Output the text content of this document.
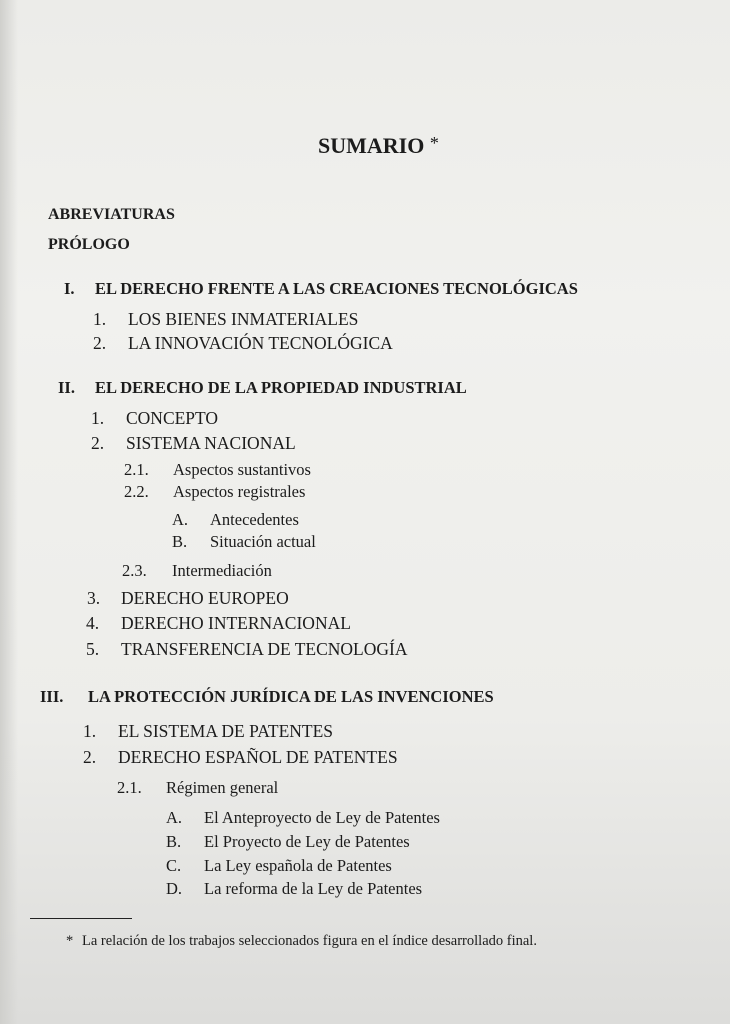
SUMARIO *
ABREVIATURAS
PRÓLOGO
I. EL DERECHO FRENTE A LAS CREACIONES TECNOLÓGICAS
1. LOS BIENES INMATERIALES
2. LA INNOVACIÓN TECNOLÓGICA
II. EL DERECHO DE LA PROPIEDAD INDUSTRIAL
1. CONCEPTO
2. SISTEMA NACIONAL
2.1. Aspectos sustantivos
2.2. Aspectos registrales
A. Antecedentes
B. Situación actual
2.3. Intermediación
3. DERECHO EUROPEO
4. DERECHO INTERNACIONAL
5. TRANSFERENCIA DE TECNOLOGÍA
III. LA PROTECCIÓN JURÍDICA DE LAS INVENCIONES
1. EL SISTEMA DE PATENTES
2. DERECHO ESPAÑOL DE PATENTES
2.1. Régimen general
A. El Anteproyecto de Ley de Patentes
B. El Proyecto de Ley de Patentes
C. La Ley española de Patentes
D. La reforma de la Ley de Patentes
* La relación de los trabajos seleccionados figura en el índice desarrollado final.
